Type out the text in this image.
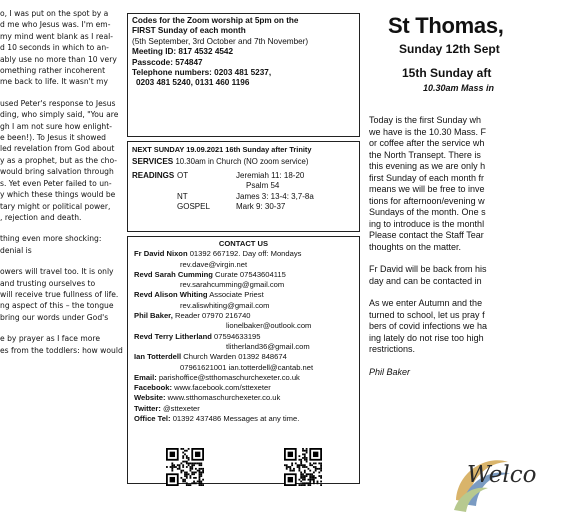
o, I was put on the spot by a
d me who Jesus was. I'm em-
my mind went blank as I real-
d 10 seconds in which to an-
ably use no more than 10 very
omething rather incoherent
me back to life. It wasn't my

used Peter's response to Jesus
ding, who simply said, "You are
gh I am not sure how enlight-
e been!). To Jesus it showed
led revelation from God about
y as a prophet, but as the cho-
would bring salvation through
s. Yet even Peter failed to un-
y which these things would be
tary might or political power,
, rejection and death.

thing even more shocking:
denial is

owers will travel too. It is only
and trusting ourselves to
will receive true fullness of life.
ng aspect of this – the tongue
bring our words under God's

e by prayer as I face more
es from the toddlers: how would

Codes for the Zoom worship at 5pm on the
FIRST Sunday of each month
(5th September, 3rd October and 7th November)
Meeting ID: 817 4532 4542
Passcode: 574847
Telephone numbers: 0203 481 5237,
0203 481 5240, 0131 460 1196
NEXT SUNDAY 19.09.2021 16th Sunday after Trinity
SERVICES 10.30am in Church (NO zoom service)
READINGS OT	Jeremiah 11: 18-20
Psalm 54
NT	James 3: 13-4: 3,7-8a
GOSPEL	Mark 9: 30-37
CONTACT US
Fr David Nixon 01392 667192. Day off: Mondays
rev.dave@virgin.net
Revd Sarah Cumming Curate 07543604115
rev.sarahcumming@gmail.com
Revd Alison Whiting Associate Priest
rev.aliswhiting@gmail.com
Phil Baker, Reader 07970 216740
lionelbaker@outlook.com
Revd Terry Litherland 07594633195
tlitherland36@gmail.com
Ian Totterdell Church Warden 01392 848674
07961621001 ian.totterdell@cantab.net
Email: parishoffice@stthomaschurchexeter.co.uk
Facebook: www.facebook.com/sttexeter
Website: www.stthomaschurchexeter.co.uk
Twitter: @sttexeter
Office Tel: 01392 437486 Messages at any time.
St Thomas,
Sunday 12th Sept
15th Sunday aft
10.30am Mass in
Today is the first Sunday wh
we have is the 10.30 Mass. F
or coffee after the service wh
the North Transept. There is
this evening as we are only h
first Sunday of each month fr
means we will be free to inve
tions for afternoon/evening w
Sundays of the month. One s
ing to introduce is the monthl
Please contact the Staff Tear
thoughts on the matter.
Fr David will be back from his
day and can be contacted in
As we enter Autumn and the
turned to school, let us pray f
bers of covid infections we ha
ing lately do not rise too high
restrictions.
Phil Baker
Welco
